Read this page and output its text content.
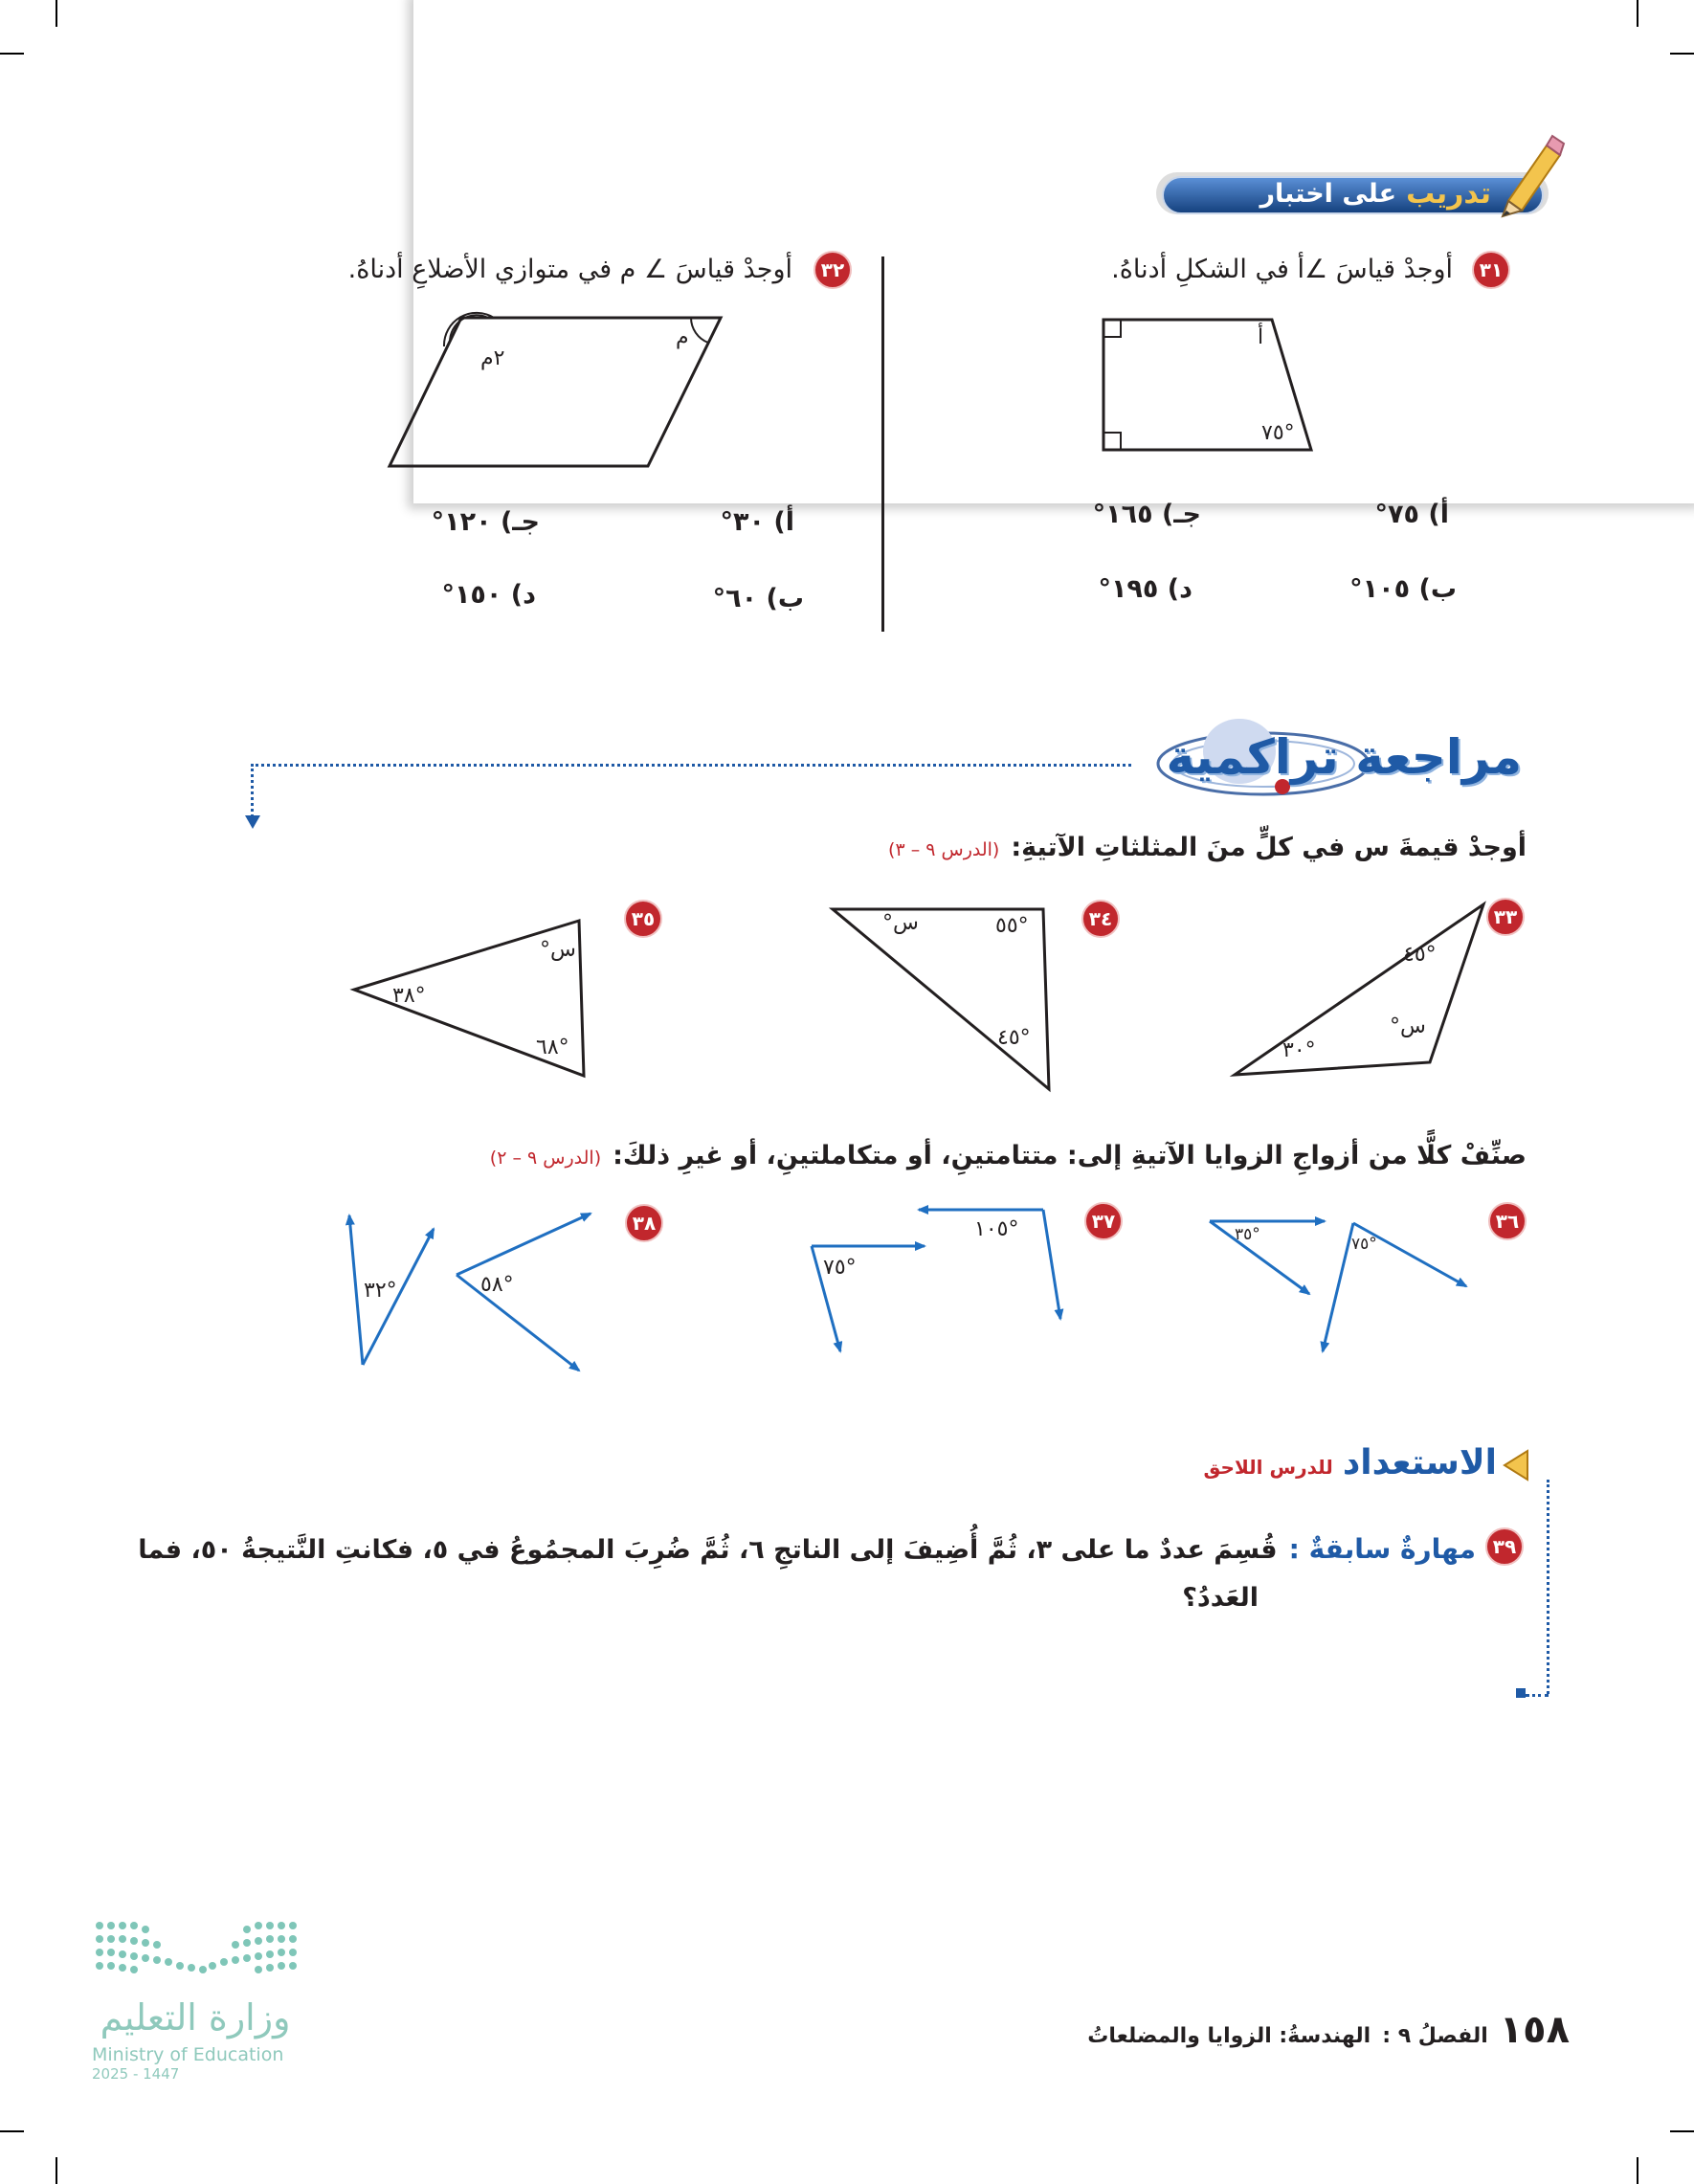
تدريب
على اختبار
٣١
أوجدْ قياسَ ∠أ في الشكلِ أدناهُ.
أ
°٧٥
أ) ٧٥°
جـ) ١٦٥°
ب) ١٠٥°
د) ١٩٥°
٣٢
أوجدْ قياسَ ∠ م في متوازي الأضلاعِ أدناهُ.
٢م
م
أ) ٣٠°
جـ) ١٢٠°
ب) ٦٠°
د) ١٥٠°
مراجعة تراكمية
أوجدْ قيمةَ س في كلٍّ منَ المثلثاتِ الآتيةِ:
(الدرس ٩ – ٣)
٣٣
°٤٥
س°
°٣٠
٣٤
س°	°٥٥
°٤٥
٣٥
س°
°٣٨
°٦٨
صنِّفْ كلًّا من أزواجِ الزوايا الآتيةِ إلى: متتامتينِ، أو متكاملتينِ، أو غيرِ ذلكَ:
(الدرس ٩ – ٢)
٣٦
°٧٥
°٣٥
٣٧
°١٠٥
°٧٥
٣٨
°٥٨
°٣٢
الاستعداد
للدرس اللاحق
٣٩
مهارةٌ سابقةٌ :
قُسِمَ عددٌ ما على ٣، ثُمَّ أُضِيفَ إلى الناتجِ ٦، ثُمَّ ضُرِبَ المجمُوعُ في ٥، فكانتِ النَّتيجةُ ٥٠، فما
العَددُ؟
وزارة التعليم
Ministry of Education
2025 - 1447
١٥٨
الفصلُ ٩ :
الهندسةُ: الزوايا والمضلعاتُ
